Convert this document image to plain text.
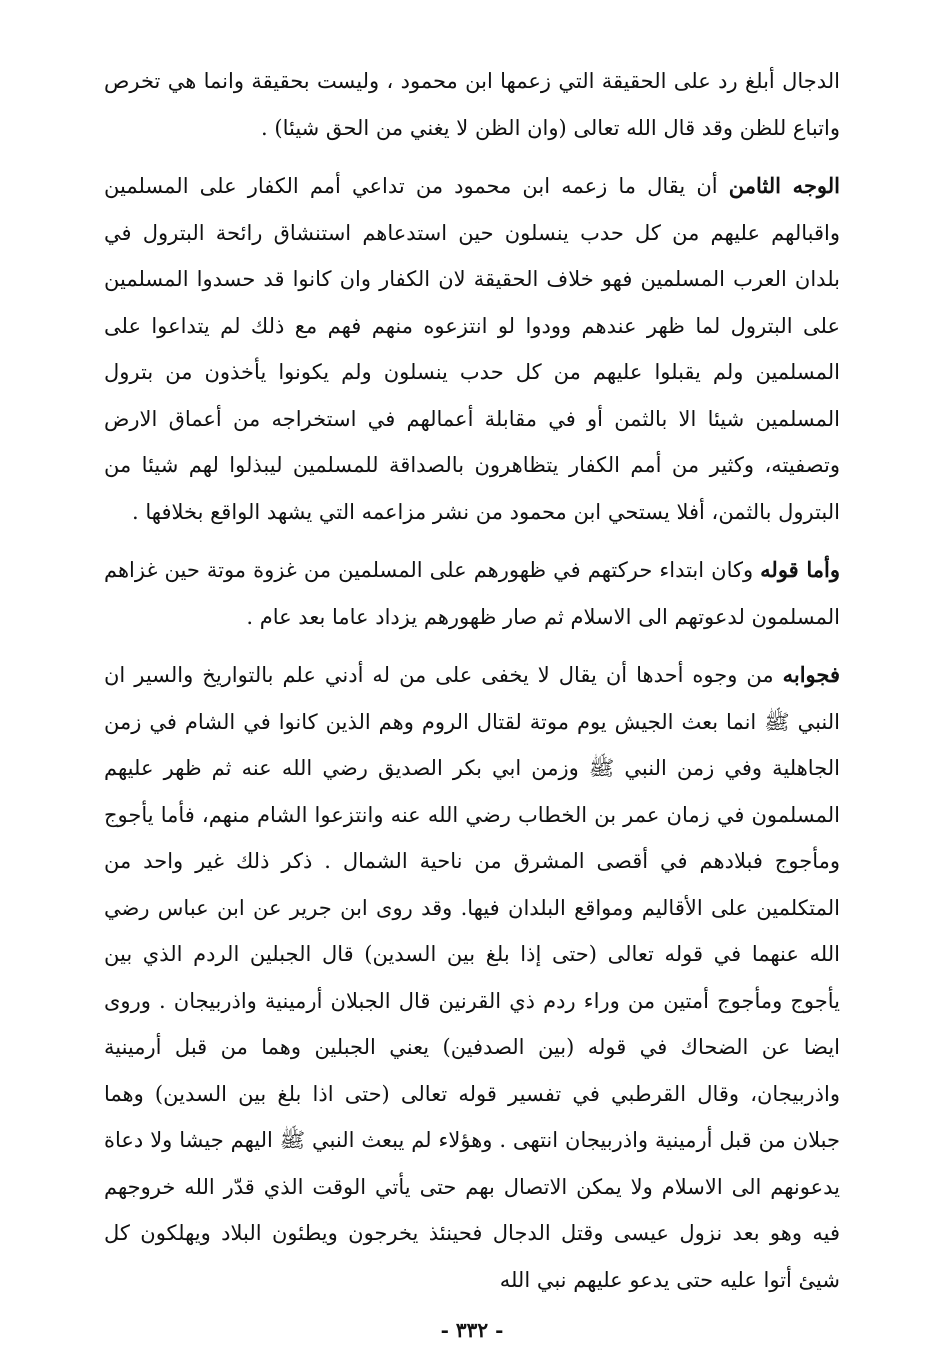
الدجال أبلغ رد على الحقيقة التي زعمها ابن محمود ، وليست بحقيقة وانما هي تخرص واتباع للظن وقد قال الله تعالى (وان الظن لا يغني من الحق شيئا) .

الوجه الثامن أن يقال ما زعمه ابن محمود من تداعي أمم الكفار على المسلمين واقبالهم عليهم من كل حدب ينسلون حين استدعاهم استنشاق رائحة البترول في بلدان العرب المسلمين فهو خلاف الحقيقة لان الكفار وان كانوا قد حسدوا المسلمين على البترول لما ظهر عندهم وودوا لو انتزعوه منهم فهم مع ذلك لم يتداعوا على المسلمين ولم يقبلوا عليهم من كل حدب ينسلون ولم يكونوا يأخذون من بترول المسلمين شيئا الا بالثمن أو في مقابلة أعمالهم في استخراجه من أعماق الارض وتصفيته، وكثير من أمم الكفار يتظاهرون بالصداقة للمسلمين ليبذلوا لهم شيئا من البترول بالثمن، أفلا يستحي ابن محمود من نشر مزاعمه التي يشهد الواقع بخلافها .

وأما قوله وكان ابتداء حركتهم في ظهورهم على المسلمين من غزوة موتة حين غزاهم المسلمون لدعوتهم الى الاسلام ثم صار ظهورهم يزداد عاما بعد عام .

فجوابه من وجوه أحدها أن يقال لا يخفى على من له أدني علم بالتواريخ والسير ان النبي ﷺ انما بعث الجيش يوم موتة لقتال الروم وهم الذين كانوا في الشام في زمن الجاهلية وفي زمن النبي ﷺ وزمن ابي بكر الصديق رضي الله عنه ثم ظهر عليهم المسلمون في زمان عمر بن الخطاب رضي الله عنه وانتزعوا الشام منهم، فأما يأجوج ومأجوج فبلادهم في أقصى المشرق من ناحية الشمال . ذكر ذلك غير واحد من المتكلمين على الأقاليم ومواقع البلدان فيها. وقد روى ابن جرير عن ابن عباس رضي الله عنهما في قوله تعالى (حتى إذا بلغ بين السدين) قال الجبلين الردم الذي بين يأجوج ومأجوج أمتين من وراء ردم ذي القرنين قال الجبلان أرمينية واذربيجان . وروى ايضا عن الضحاك في قوله (بين الصدفين) يعني الجبلين وهما من قبل أرمينية واذربيجان، وقال القرطبي في تفسير قوله تعالى (حتى اذا بلغ بين السدين) وهما جبلان من قبل أرمينية واذربيجان انتهى . وهؤلاء لم يبعث النبي ﷺ اليهم جيشا ولا دعاة يدعونهم الى الاسلام ولا يمكن الاتصال بهم حتى يأتي الوقت الذي قدّر الله خروجهم فيه وهو بعد نزول عيسى وقتل الدجال فحينئذ يخرجون ويطئون البلاد ويهلكون كل شيئ أتوا عليه حتى يدعو عليهم نبي الله

- ٣٣٢ -
